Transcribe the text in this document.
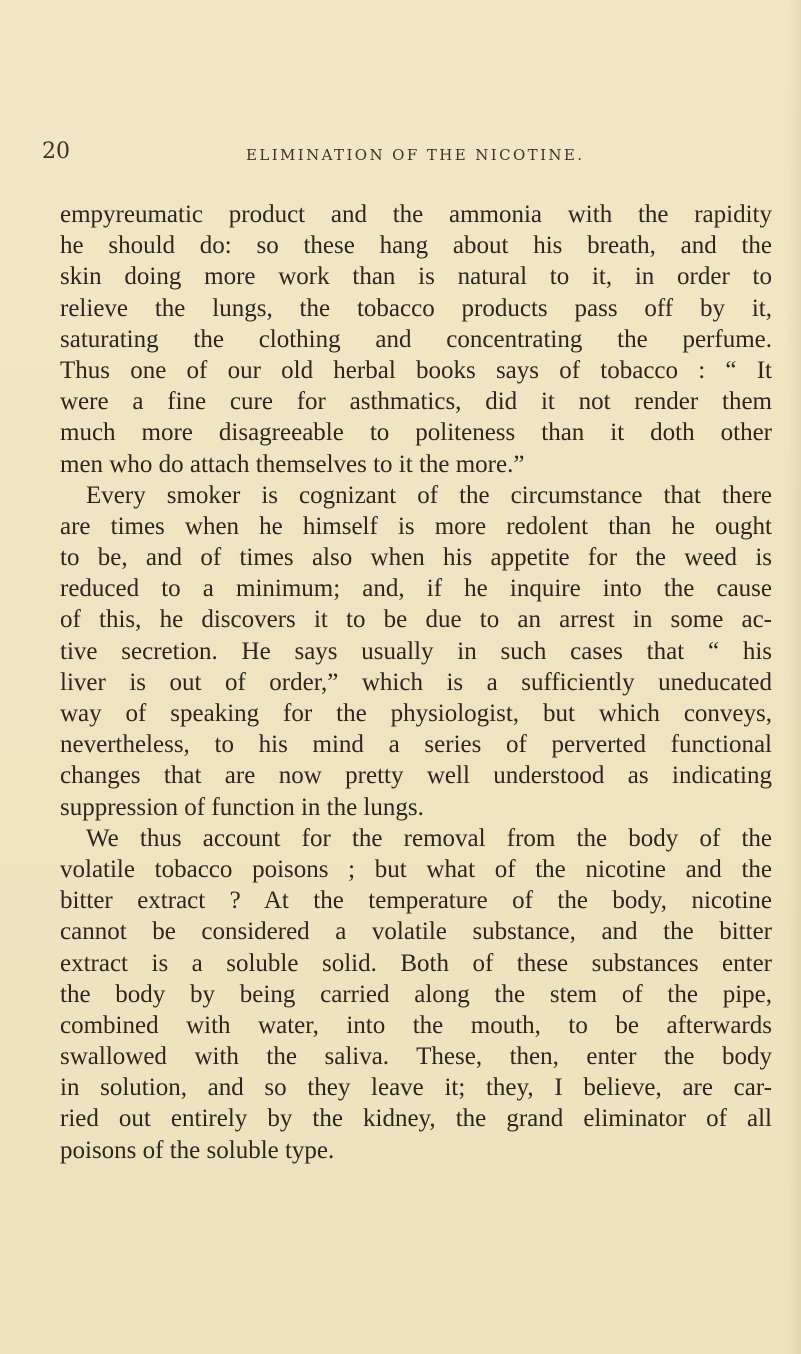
20	ELIMINATION OF THE NICOTINE.
empyreumatic product and the ammonia with the rapidity
he should do: so these hang about his breath, and the
skin doing more work than is natural to it, in order to
relieve the lungs, the tobacco products pass off by it,
saturating the clothing and concentrating the perfume.
Thus one of our old herbal books says of tobacco : “ It
were a fine cure for asthmatics, did it not render them
much more disagreeable to politeness than it doth other
men who do attach themselves to it the more.”
Every smoker is cognizant of the circumstance that there
are times when he himself is more redolent than he ought
to be, and of times also when his appetite for the weed is
reduced to a minimum; and, if he inquire into the cause
of this, he discovers it to be due to an arrest in some ac-
tive secretion. He says usually in such cases that “ his
liver is out of order,” which is a sufficiently uneducated
way of speaking for the physiologist, but which conveys,
nevertheless, to his mind a series of perverted functional
changes that are now pretty well understood as indicating
suppression of function in the lungs.
We thus account for the removal from the body of the
volatile tobacco poisons ; but what of the nicotine and the
bitter extract ? At the temperature of the body, nicotine
cannot be considered a volatile substance, and the bitter
extract is a soluble solid. Both of these substances enter
the body by being carried along the stem of the pipe,
combined with water, into the mouth, to be afterwards
swallowed with the saliva. These, then, enter the body
in solution, and so they leave it; they, I believe, are car-
ried out entirely by the kidney, the grand eliminator of all
poisons of the soluble type.
